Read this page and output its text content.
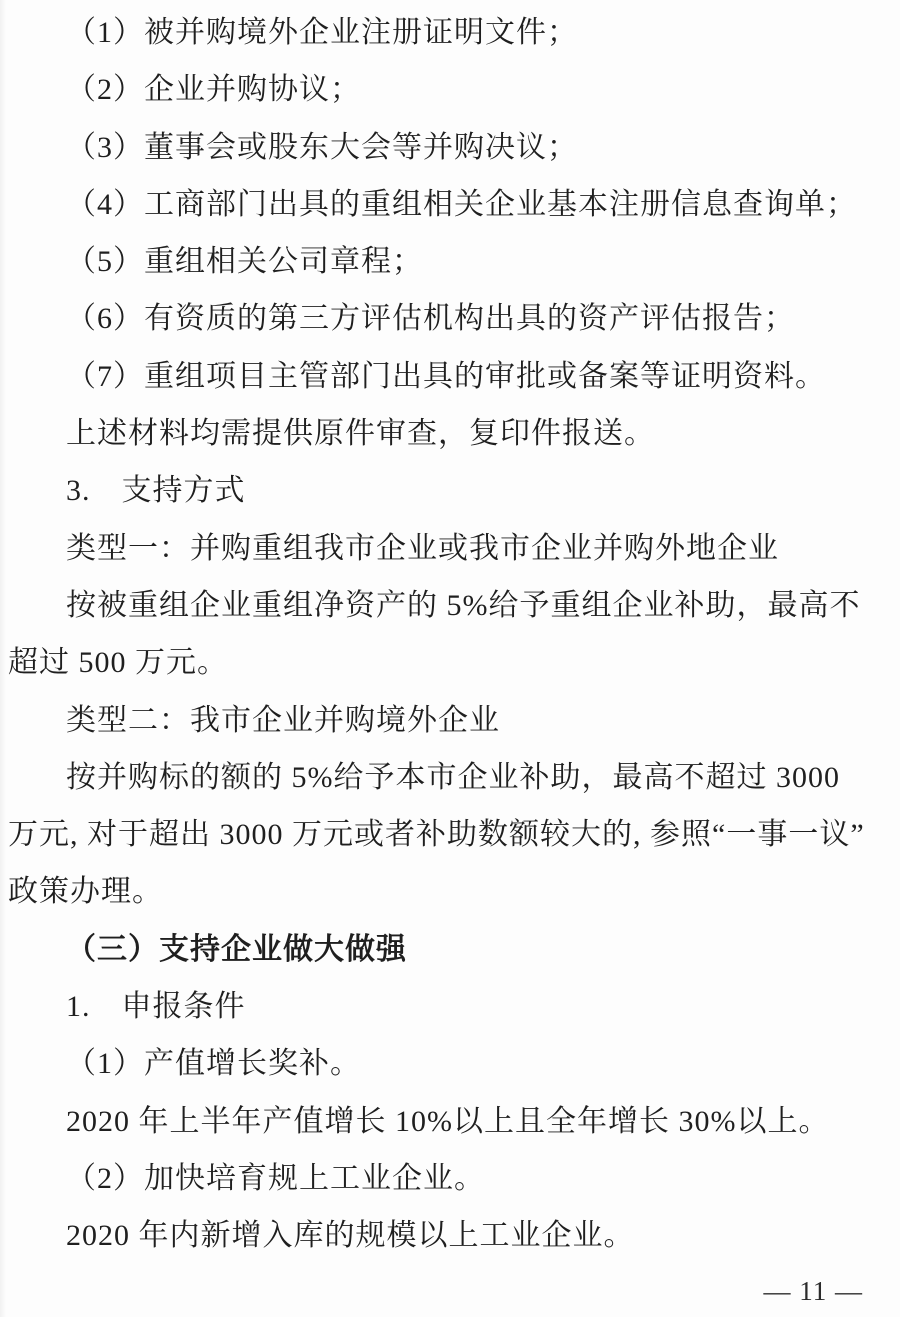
（1）被并购境外企业注册证明文件；
（2）企业并购协议；
（3）董事会或股东大会等并购决议；
（4）工商部门出具的重组相关企业基本注册信息查询单；
（5）重组相关公司章程；
（6）有资质的第三方评估机构出具的资产评估报告；
（7）重组项目主管部门出具的审批或备案等证明资料。
上述材料均需提供原件审查，复印件报送。
3.　支持方式
类型一：并购重组我市企业或我市企业并购外地企业
按被重组企业重组净资产的 5%给予重组企业补助，最高不
超过 500 万元。
类型二：我市企业并购境外企业
按并购标的额的 5%给予本市企业补助，最高不超过 3000
万元, 对于超出 3000 万元或者补助数额较大的, 参照“一事一议”
政策办理。
（三）支持企业做大做强
1.　申报条件
（1）产值增长奖补。
2020 年上半年产值增长 10%以上且全年增长 30%以上。
（2）加快培育规上工业企业。
2020 年内新增入库的规模以上工业企业。
— 11 —
